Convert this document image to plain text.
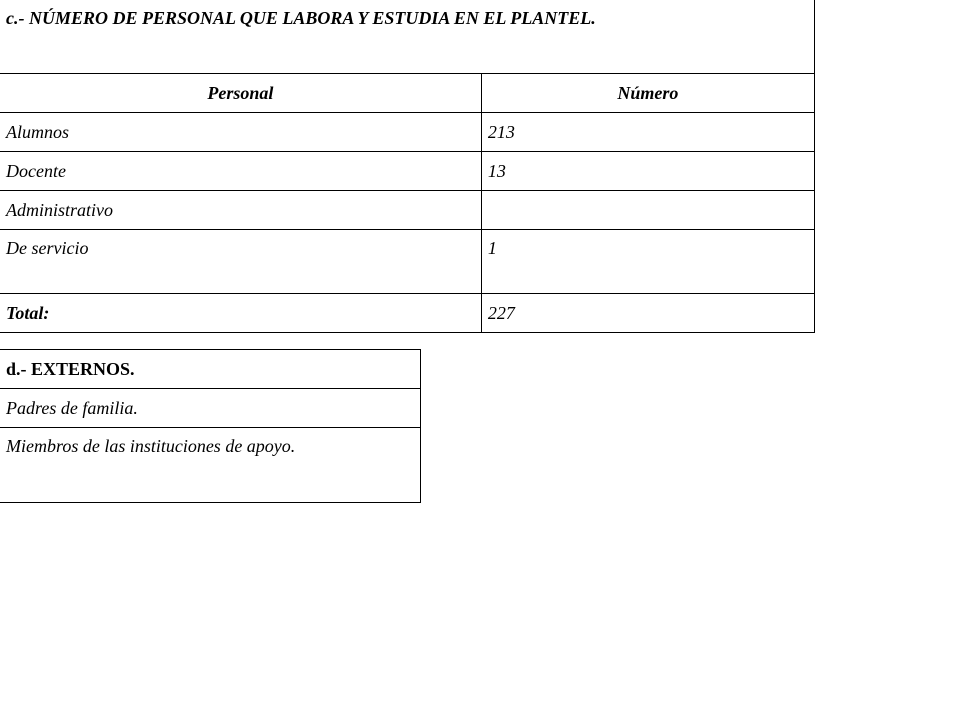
c.- NÚMERO DE PERSONAL QUE LABORA Y ESTUDIA EN EL PLANTEL.	
Personal	Número
Alumnos	213
Docente	13
Administrativo	
De servicio	1
Total:	227
d.- EXTERNOS.
Padres de familia.
Miembros de las instituciones de apoyo.
